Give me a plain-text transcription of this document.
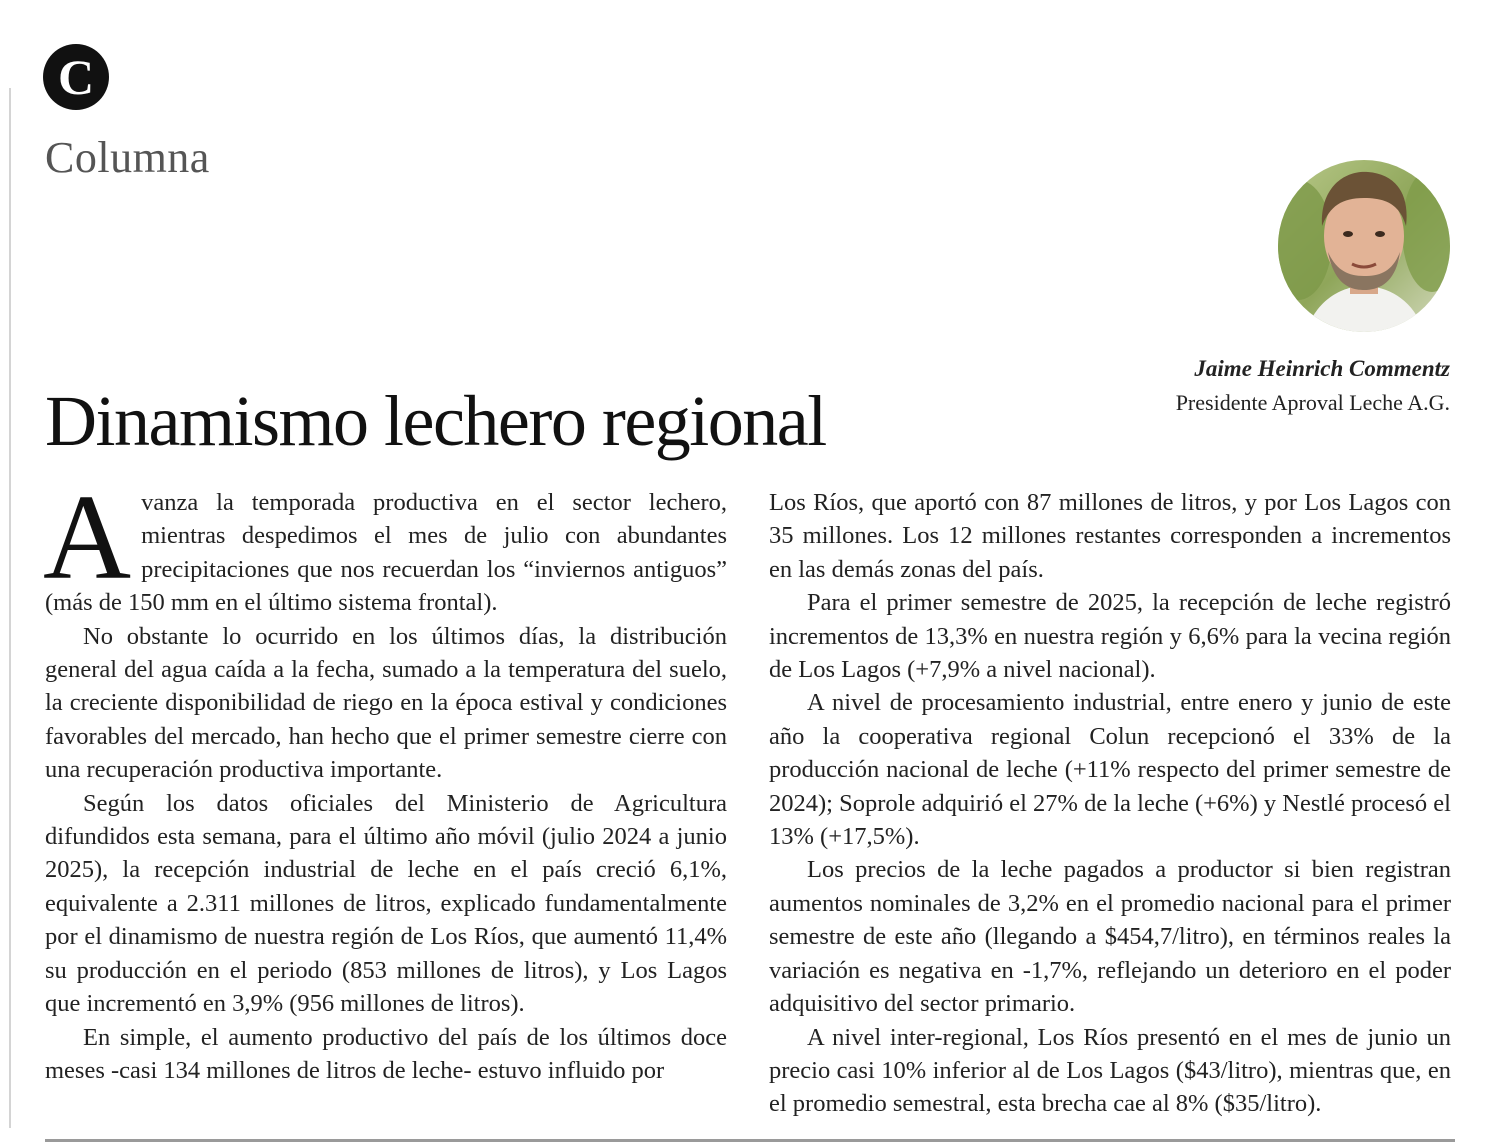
C
Columna
Jaime Heinrich Commentz
Presidente Aproval Leche A.G.
Dinamismo lechero regional

Avanza la temporada productiva en el sector lechero, mientras despedimos el mes de julio con abundantes precipitaciones que nos recuerdan los “inviernos antiguos” (más de 150 mm en el último sistema frontal).

No obstante lo ocurrido en los últimos días, la distribución general del agua caída a la fecha, sumado a la temperatura del suelo, la creciente disponibilidad de riego en la época estival y condiciones favorables del mercado, han hecho que el primer semestre cierre con una recuperación productiva importante.

Según los datos oficiales del Ministerio de Agricultura difundidos esta semana, para el último año móvil (julio 2024 a junio 2025), la recepción industrial de leche en el país creció 6,1%, equivalente a 2.311 millones de litros, explicado fundamentalmente por el dinamismo de nuestra región de Los Ríos, que aumentó 11,4% su producción en el periodo (853 millones de litros), y Los Lagos que incrementó en 3,9% (956 millones de litros).

En simple, el aumento productivo del país de los últimos doce meses -casi 134 millones de litros de leche- estuvo influido por

Los Ríos, que aportó con 87 millones de litros, y por Los Lagos con 35 millones. Los 12 millones restantes corresponden a incrementos en las demás zonas del país.

Para el primer semestre de 2025, la recepción de leche registró incrementos de 13,3% en nuestra región y 6,6% para la vecina región de Los Lagos (+7,9% a nivel nacional).

A nivel de procesamiento industrial, entre enero y junio de este año la cooperativa regional Colun recepcionó el 33% de la producción nacional de leche (+11% respecto del primer semestre de 2024); Soprole adquirió el 27% de la leche (+6%) y Nestlé procesó el 13% (+17,5%).

Los precios de la leche pagados a productor si bien registran aumentos nominales de 3,2% en el promedio nacional para el primer semestre de este año (llegando a $454,7/litro), en términos reales la variación es negativa en -1,7%, reflejando un deterioro en el poder adquisitivo del sector primario.

A nivel inter-regional, Los Ríos presentó en el mes de junio un precio casi 10% inferior al de Los Lagos ($43/litro), mientras que, en el promedio semestral, esta brecha cae al 8% ($35/litro).
